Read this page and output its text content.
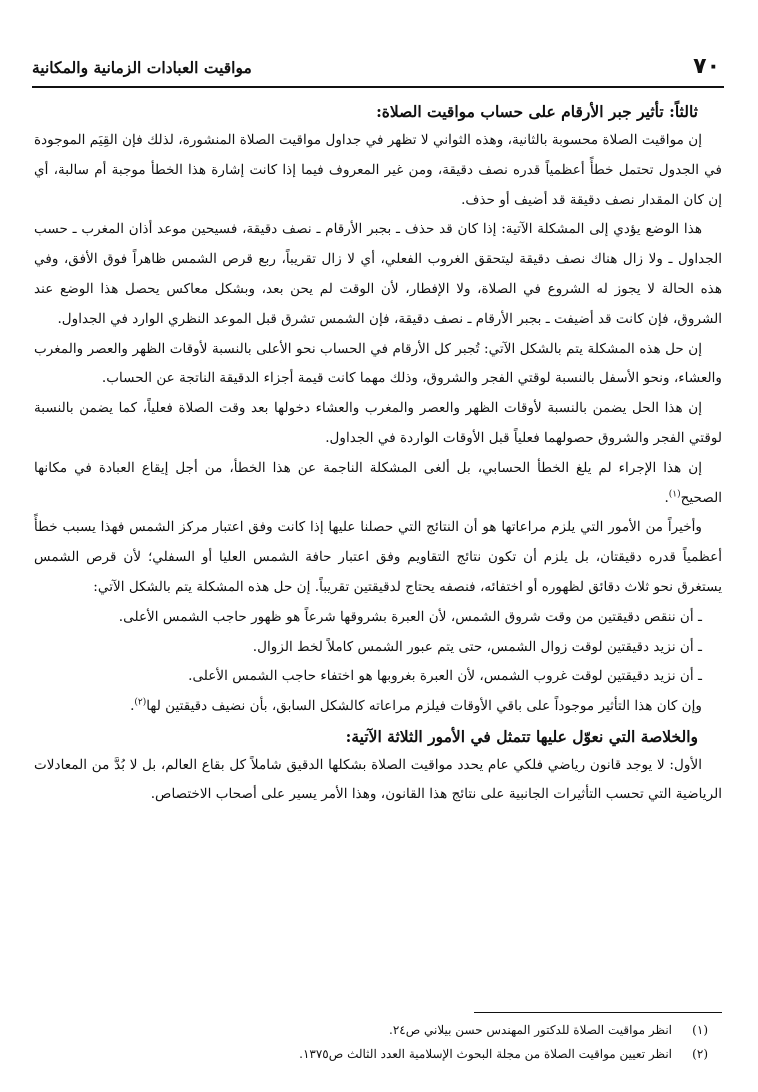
٧٠
مواقيت العبادات الزمانية والمكانية

ثالثاً: تأثير جبر الأرقام على حساب مواقيت الصلاة:

إن مواقيت الصلاة محسوبة بالثانية، وهذه الثواني لا تظهر في جداول مواقيت الصلاة المنشورة، لذلك فإن القِيَم الموجودة في الجدول تحتمل خطأً أعظمياً قدره نصف دقيقة، ومن غير المعروف فيما إذا كانت إشارة هذا الخطأ موجبة أم سالبة، أي إن كان المقدار نصف دقيقة قد أضيف أو حذف.

هذا الوضع يؤدي إلى المشكلة الآتية: إذا كان قد حذف ـ بجبر الأرقام ـ نصف دقيقة، فسيحين موعد أذان المغرب ـ حسب الجداول ـ ولا زال هناك نصف دقيقة ليتحقق الغروب الفعلي، أي لا زال تقريباً، ربع قرص الشمس ظاهراً فوق الأفق، وفي هذه الحالة لا يجوز له الشروع في الصلاة، ولا الإفطار، لأن الوقت لم يحن بعد، وبشكل معاكس يحصل هذا الوضع عند الشروق، فإن كانت قد أضيفت ـ بجبر الأرقام ـ نصف دقيقة، فإن الشمس تشرق قبل الموعد النظري الوارد في الجداول.

إن حل هذه المشكلة يتم بالشكل الآتي: تُجبر كل الأرقام في الحساب نحو الأعلى بالنسبة لأوقات الظهر والعصر والمغرب والعشاء، ونحو الأسفل بالنسبة لوقتي الفجر والشروق، وذلك مهما كانت قيمة أجزاء الدقيقة الناتجة عن الحساب.

إن هذا الحل يضمن بالنسبة لأوقات الظهر والعصر والمغرب والعشاء دخولها بعد وقت الصلاة فعلياً، كما يضمن بالنسبة لوقتي الفجر والشروق حصولهما فعلياً قبل الأوقات الواردة في الجداول.

إن هذا الإجراء لم يلغ الخطأ الحسابي، بل ألغى المشكلة الناجمة عن هذا الخطأ، من أجل إيقاع العبادة في مكانها الصحيح$^{(١)}$.

وأخيراً من الأمور التي يلزم مراعاتها هو أن النتائج التي حصلنا عليها إذا كانت وفق اعتبار مركز الشمس فهذا يسبب خطأً أعظمياً قدره دقيقتان، بل يلزم أن تكون نتائج التقاويم وفق اعتبار حافة الشمس العليا أو السفلي؛ لأن قرص الشمس يستغرق نحو ثلاث دقائق لظهوره أو اختفائه، فنصفه يحتاج لدقيقتين تقريباً. إن حل هذه المشكلة يتم بالشكل الآتي:

ـ أن ننقص دقيقتين من وقت شروق الشمس، لأن العبرة بشروقها شرعاً هو ظهور حاجب الشمس الأعلى.

ـ أن نزيد دقيقتين لوقت زوال الشمس، حتى يتم عبور الشمس كاملاً لخط الزوال.

ـ أن نزيد دقيقتين لوقت غروب الشمس، لأن العبرة بغروبها هو اختفاء حاجب الشمس الأعلى.

وإن كان هذا التأثير موجوداً على باقي الأوقات فيلزم مراعاته كالشكل السابق، بأن نضيف دقيقتين لها$^{(٢)}$.

والخلاصة التي نعوّل عليها تتمثل في الأمور الثلاثة الآتية:

الأول: لا يوجد قانون رياضي فلكي عام يحدد مواقيت الصلاة بشكلها الدقيق شاملاً كل بقاع العالم، بل لا بُدَّ من المعادلات الرياضية التي تحسب التأثيرات الجانبية على نتائج هذا القانون، وهذا الأمر يسير على أصحاب الاختصاص.

(١)انظر مواقيت الصلاة للدكتور المهندس حسن بيلاني ص٢٤.

(٢)انظر تعيين مواقيت الصلاة من مجلة البحوث الإسلامية العدد الثالث ص١٣٧٥.
